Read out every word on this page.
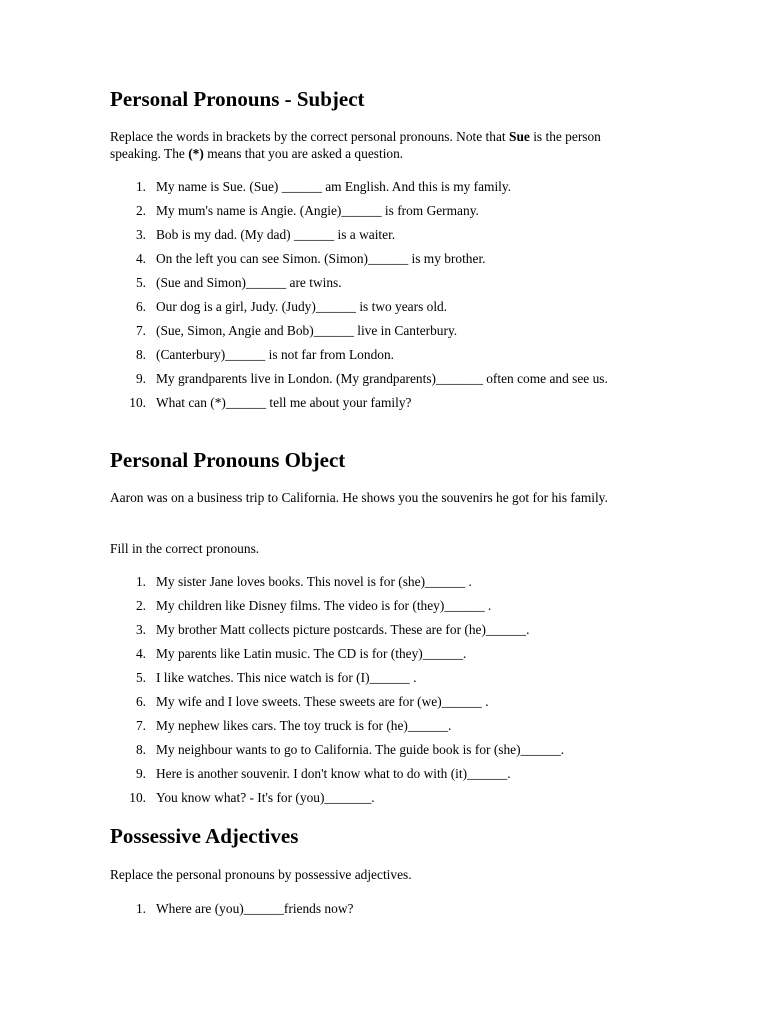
Personal Pronouns - Subject

Replace the words in brackets by the correct personal pronouns. Note that Sue is the person speaking. The (*) means that you are asked a question.

1. My name is Sue. (Sue) ______ am English. And this is my family.
2. My mum's name is Angie. (Angie)______ is from Germany.
3. Bob is my dad. (My dad) ______ is a waiter.
4. On the left you can see Simon. (Simon)______ is my brother.
5. (Sue and Simon)______ are twins.
6. Our dog is a girl, Judy. (Judy)______ is two years old.
7. (Sue, Simon, Angie and Bob)______ live in Canterbury.
8. (Canterbury)______ is not far from London.
9. My grandparents live in London. (My grandparents)_______ often come and see us.
10. What can (*)______ tell me about your family?
Personal Pronouns Object

Aaron was on a business trip to California. He shows you the souvenirs he got for his family.

Fill in the correct pronouns.

1. My sister Jane loves books. This novel is for (she)______ .
2. My children like Disney films. The video is for (they)______ .
3. My brother Matt collects picture postcards. These are for (he)______.
4. My parents like Latin music. The CD is for (they)______.
5. I like watches. This nice watch is for (I)______ .
6. My wife and I love sweets. These sweets are for (we)______ .
7. My nephew likes cars. The toy truck is for (he)______.
8. My neighbour wants to go to California. The guide book is for (she)______.
9. Here is another souvenir. I don't know what to do with (it)______.
10. You know what? - It's for (you)_______.
Possessive Adjectives

Replace the personal pronouns by possessive adjectives.

1. Where are (you)______friends now?
